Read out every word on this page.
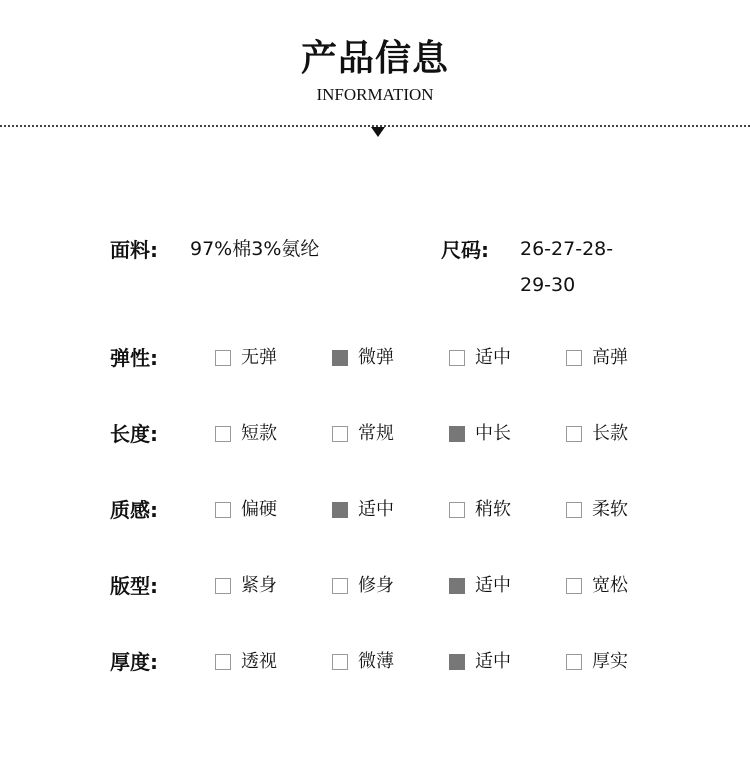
产品信息
INFORMATION
面料: 97%棉3%氨纶	尺码: 26-27-28-
29-30
弹性:	无弹	微弹	适中	高弹
长度:	短款	常规	中长	长款
质感:	偏硬	适中	稍软	柔软
版型:	紧身	修身	适中	宽松
厚度:	透视	微薄	适中	厚实
